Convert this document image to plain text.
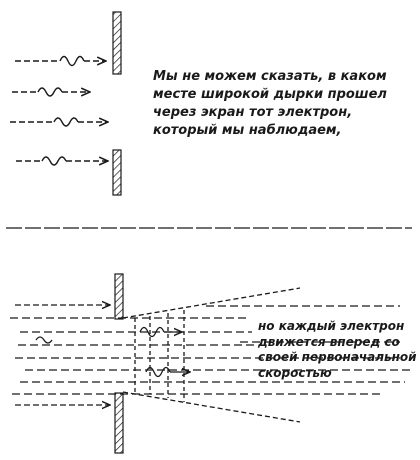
Мы не можем сказать, в каком
месте широкой дырки прошел
через экран тот электрон,
который мы наблюдаем,

но каждый электрон
движется вперед со
своей первоначальной
скоростью
